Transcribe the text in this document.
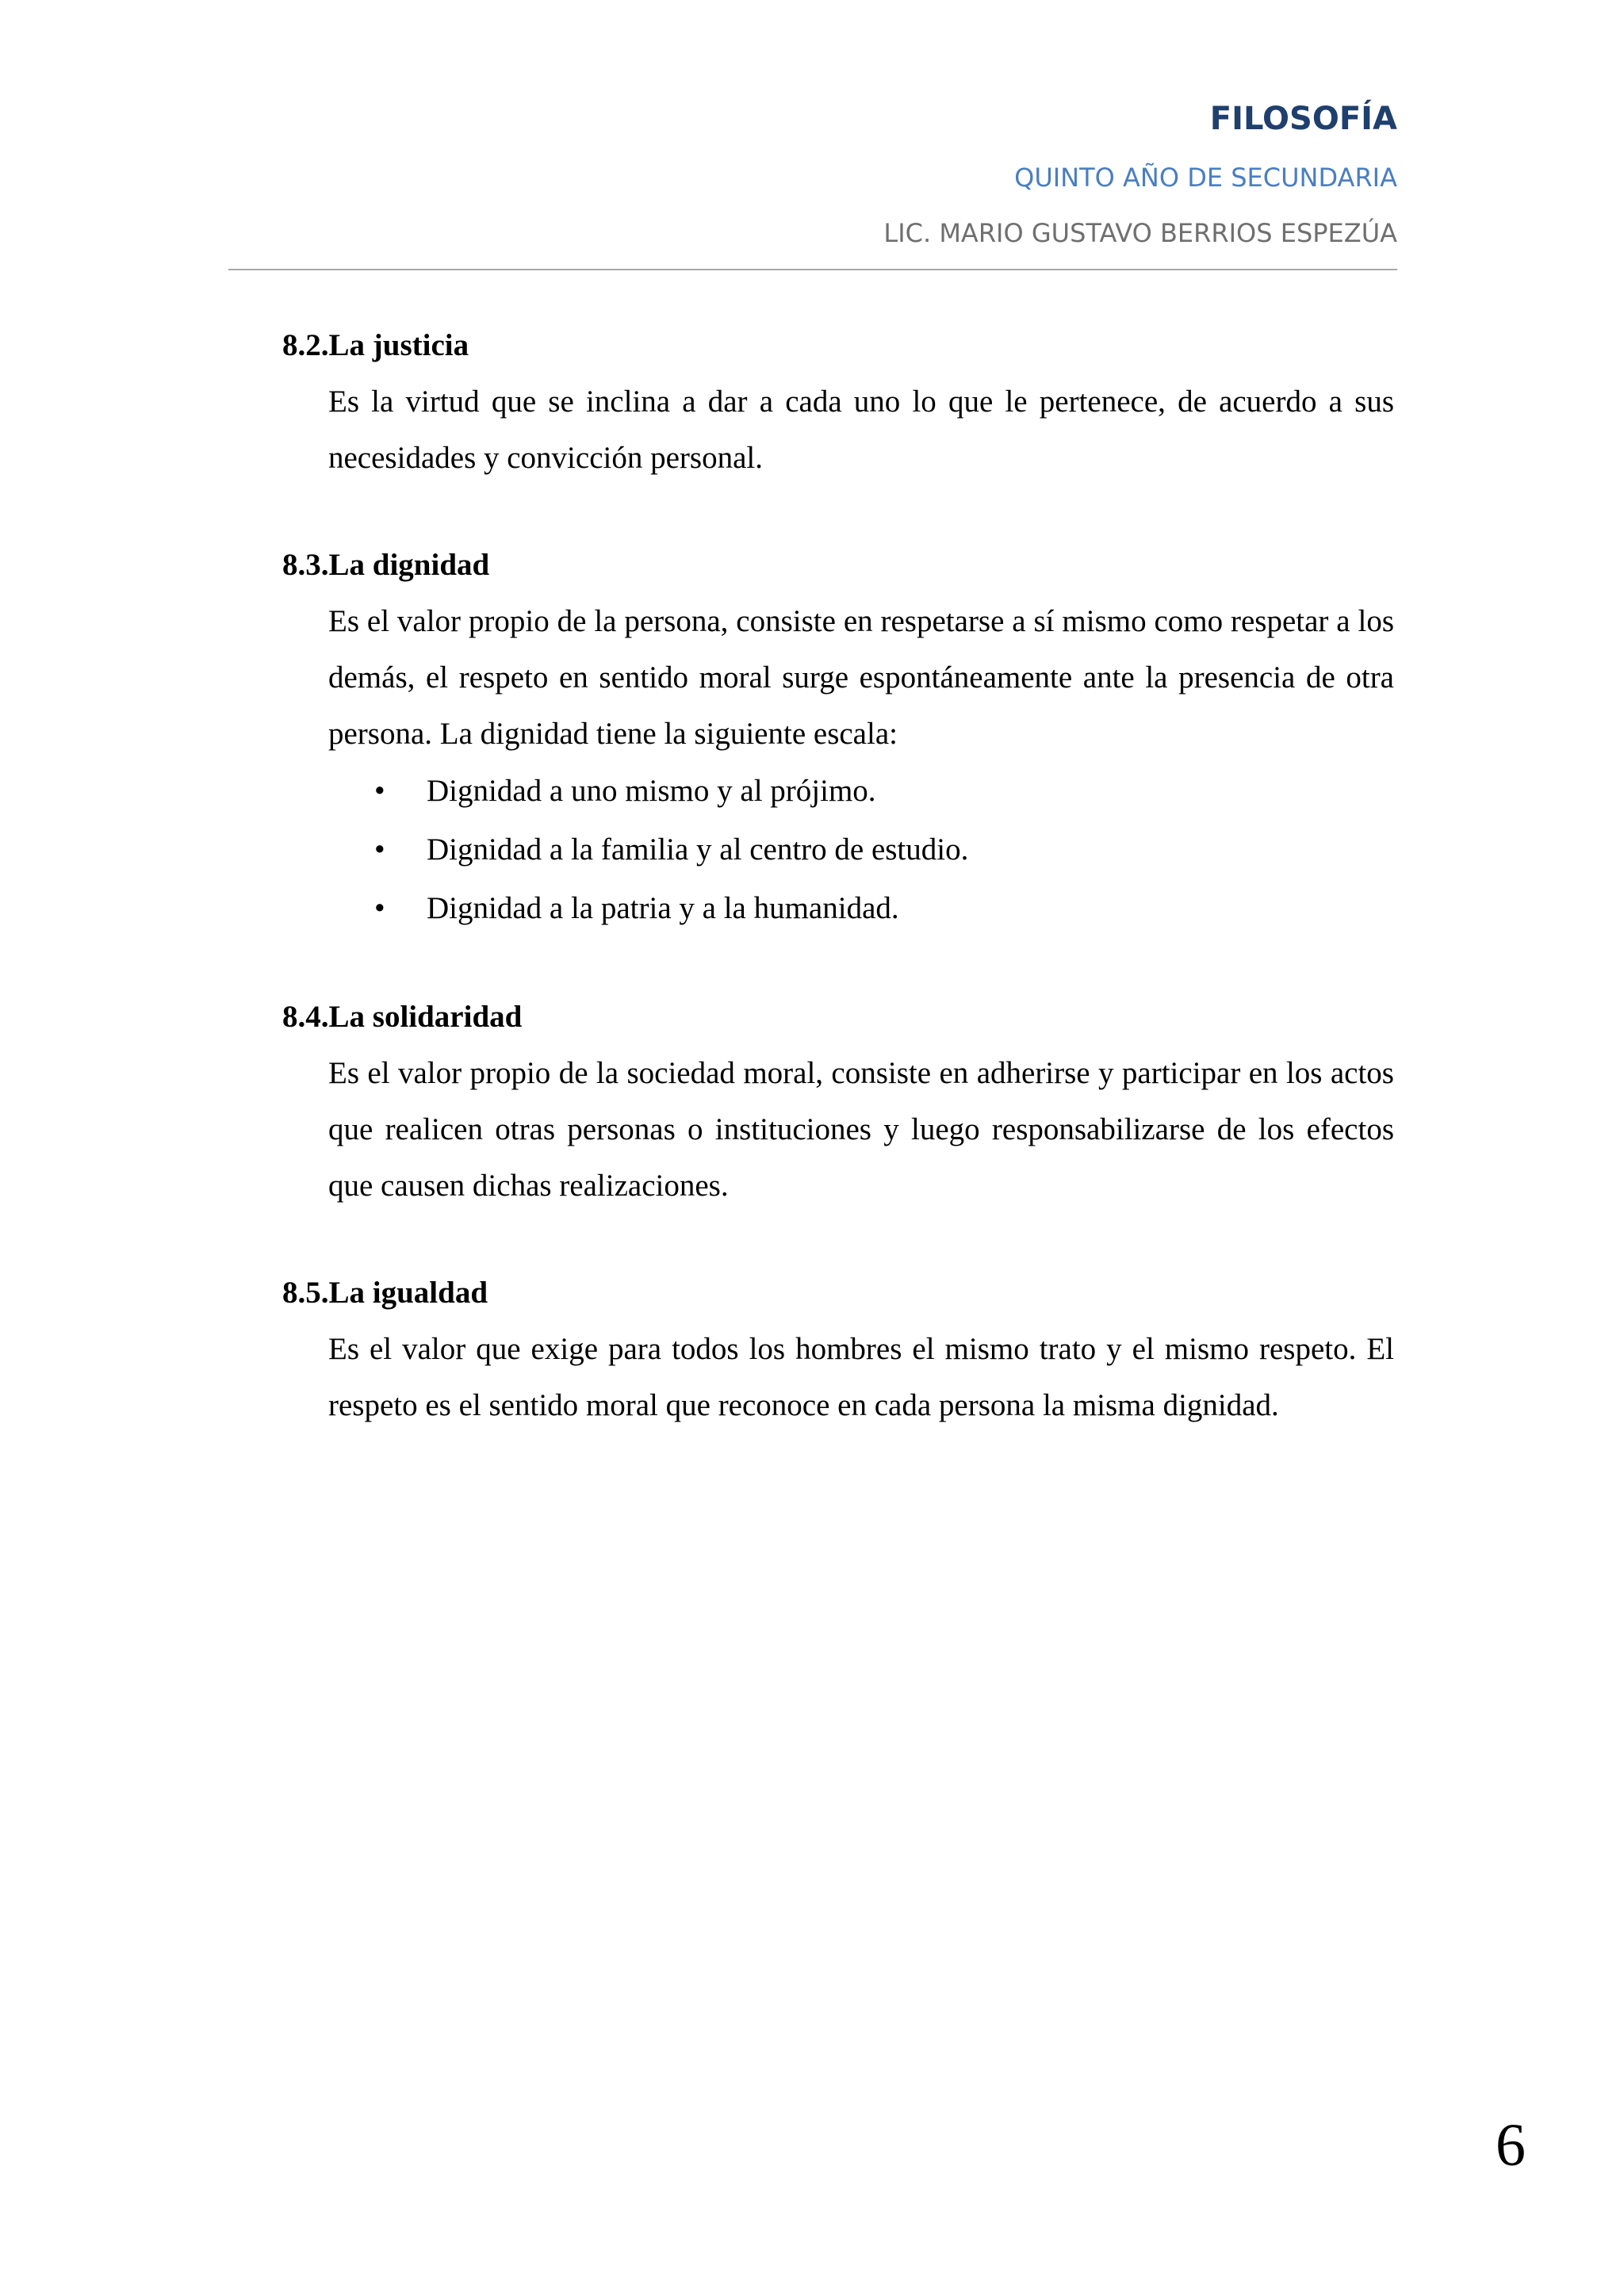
FILOSOFÍA
QUINTO AÑO DE SECUNDARIA
LIC. MARIO GUSTAVO BERRIOS ESPEZÚA

8.2.La justicia

Es la virtud que se inclina a dar a cada uno lo que le pertenece, de acuerdo a sus necesidades y convicción personal.

8.3.La dignidad

Es el valor propio de la persona, consiste en respetarse a sí mismo como respetar a los demás, el respeto en sentido moral surge espontáneamente ante la presencia de otra persona. La dignidad tiene la siguiente escala:

• Dignidad a uno mismo y al prójimo.
• Dignidad a la familia y al centro de estudio.
• Dignidad a la patria y a la humanidad.

8.4.La solidaridad

Es el valor propio de la sociedad moral, consiste en adherirse y participar en los actos que realicen otras personas o instituciones y luego responsabilizarse de los efectos que causen dichas realizaciones.

8.5.La igualdad

Es el valor que exige para todos los hombres el mismo trato y el mismo respeto. El respeto es el sentido moral que reconoce en cada persona la misma dignidad.

6
